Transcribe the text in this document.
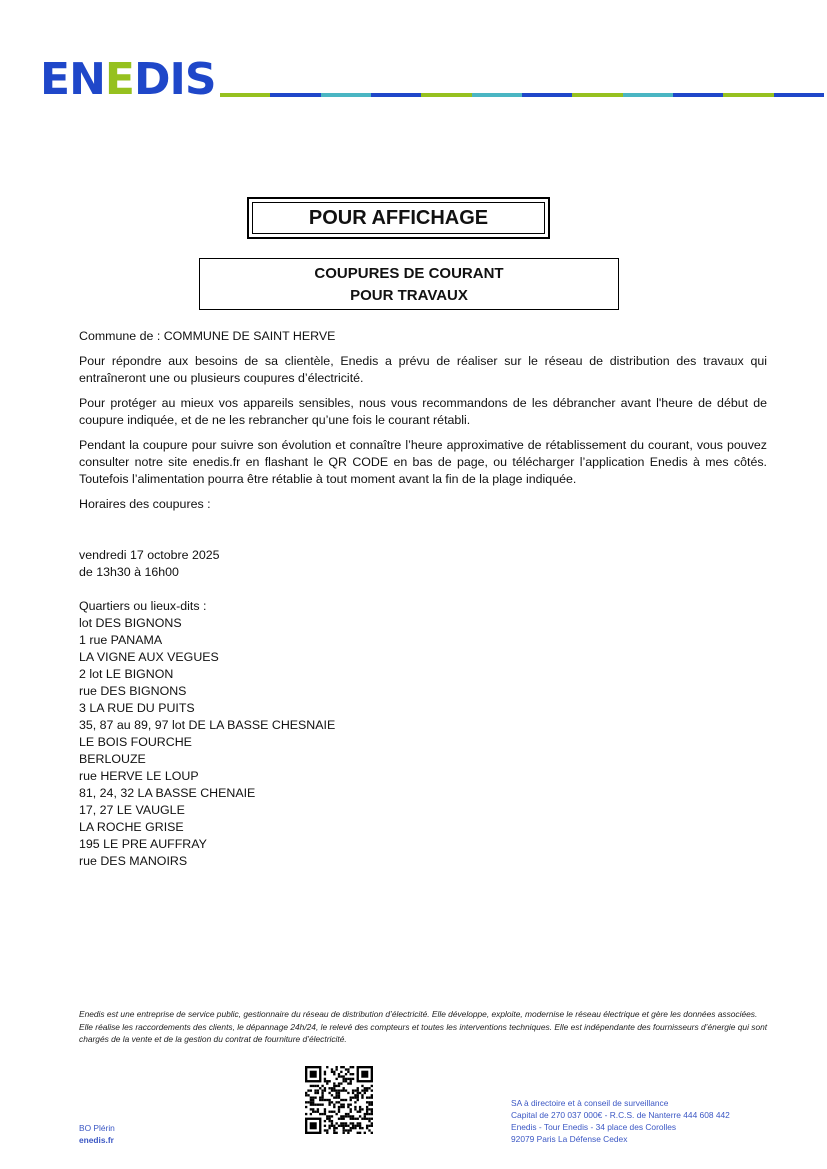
ENEDIS
POUR AFFICHAGE
COUPURES DE COURANT
POUR TRAVAUX
Commune de : COMMUNE DE SAINT HERVE
Pour répondre aux besoins de sa clientèle, Enedis a prévu de réaliser sur le réseau de distribution des travaux qui entraîneront une ou plusieurs coupures d’électricité.
Pour protéger au mieux vos appareils sensibles, nous vous recommandons de les débrancher avant l'heure de début de coupure indiquée, et de ne les rebrancher qu’une fois le courant rétabli.
Pendant la coupure pour suivre son évolution et connaître l’heure approximative de rétablissement du courant, vous pouvez consulter notre site enedis.fr en flashant le QR CODE en bas de page, ou télécharger l’application Enedis à mes côtés. Toutefois l’alimentation pourra être rétablie à tout moment avant la fin de la plage indiquée.
Horaires des coupures :
vendredi 17 octobre 2025
de 13h30 à 16h00
Quartiers ou lieux-dits :
lot DES BIGNONS
1 rue PANAMA
LA VIGNE AUX VEGUES
2 lot LE BIGNON
rue DES BIGNONS
3 LA RUE DU PUITS
35, 87 au 89, 97 lot DE LA BASSE CHESNAIE
LE BOIS FOURCHE
BERLOUZE
rue HERVE LE LOUP
81, 24, 32 LA BASSE CHENAIE
17, 27 LE VAUGLE
LA ROCHE GRISE
195 LE PRE AUFFRAY
rue DES MANOIRS
Enedis est une entreprise de service public, gestionnaire du réseau de distribution d’électricité. Elle développe, exploite, modernise le réseau électrique et gère les données associées. Elle réalise les raccordements des clients, le dépannage 24h/24, le relevé des compteurs et toutes les interventions techniques. Elle est indépendante des fournisseurs d’énergie qui sont chargés de la vente et de la gestion du contrat de fourniture d’électricité.
BO Plérin
enedis.fr
SA à directoire et à conseil de surveillance
Capital de 270 037 000€ - R.C.S. de Nanterre 444 608 442
Enedis - Tour Enedis - 34 place des Corolles
92079 Paris La Défense Cedex
